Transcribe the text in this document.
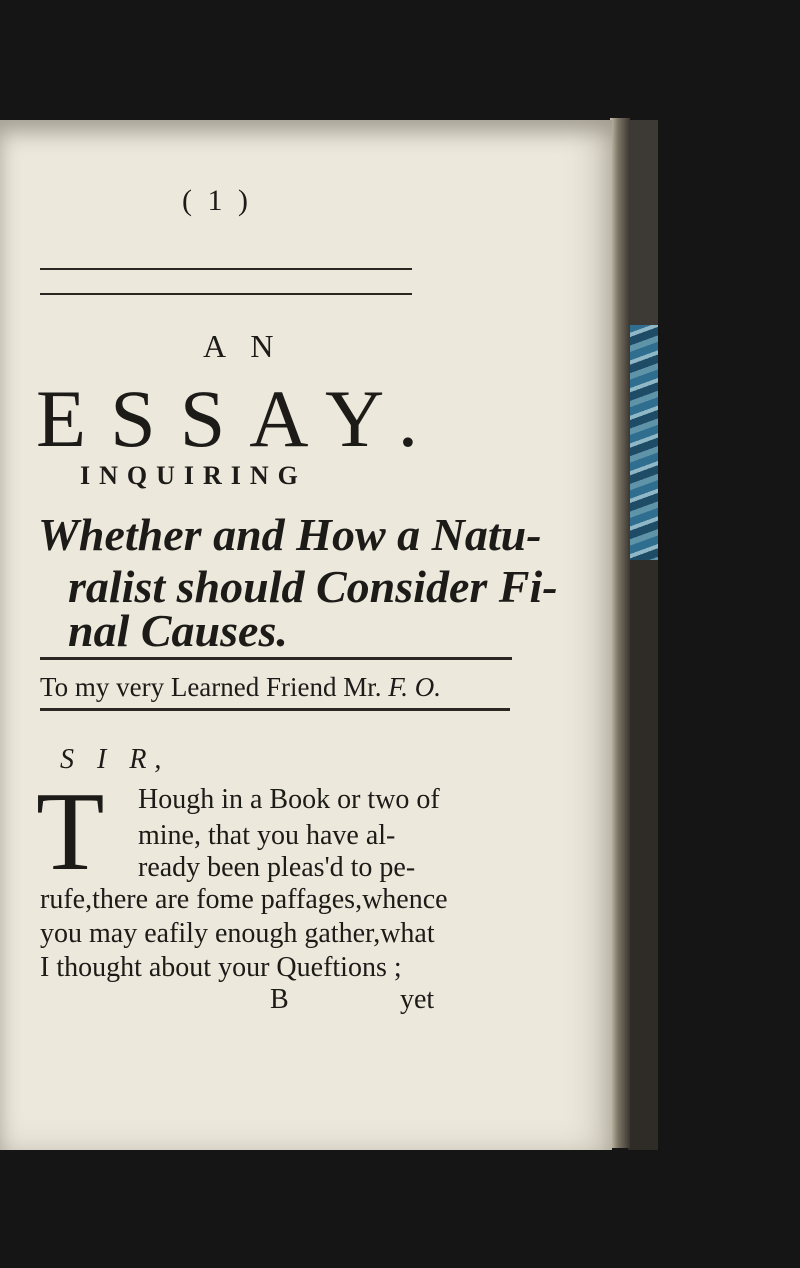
( 1 )
A N
ESSAY.
INQUIRING
Whether and How a Natu-
ralist should Consider Fi-
nal Causes.
To my very Learned Friend Mr. F. O.
S I R,
T Hough in a Book or two of
mine, that you have al-
ready been pleas'd to pe-
rufe,there are fome paffages,whence
you may eafily enough gather,what
I thought about your Queftions ;
B	yet
